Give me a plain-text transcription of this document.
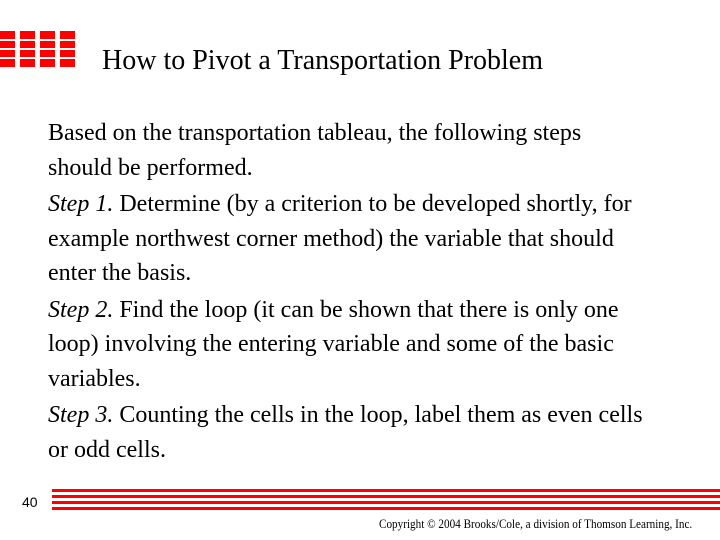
How to Pivot a Transportation Problem

Based on the transportation tableau, the following steps should be performed.

Step 1. Determine (by a criterion to be developed shortly, for example northwest corner method) the variable that should enter the basis.

Step 2. Find the loop (it can be shown that there is only one loop) involving the entering variable and some of the basic variables.

Step 3. Counting the cells in the loop, label them as even cells or odd cells.

40
Copyright © 2004 Brooks/Cole, a division of Thomson Learning, Inc.
